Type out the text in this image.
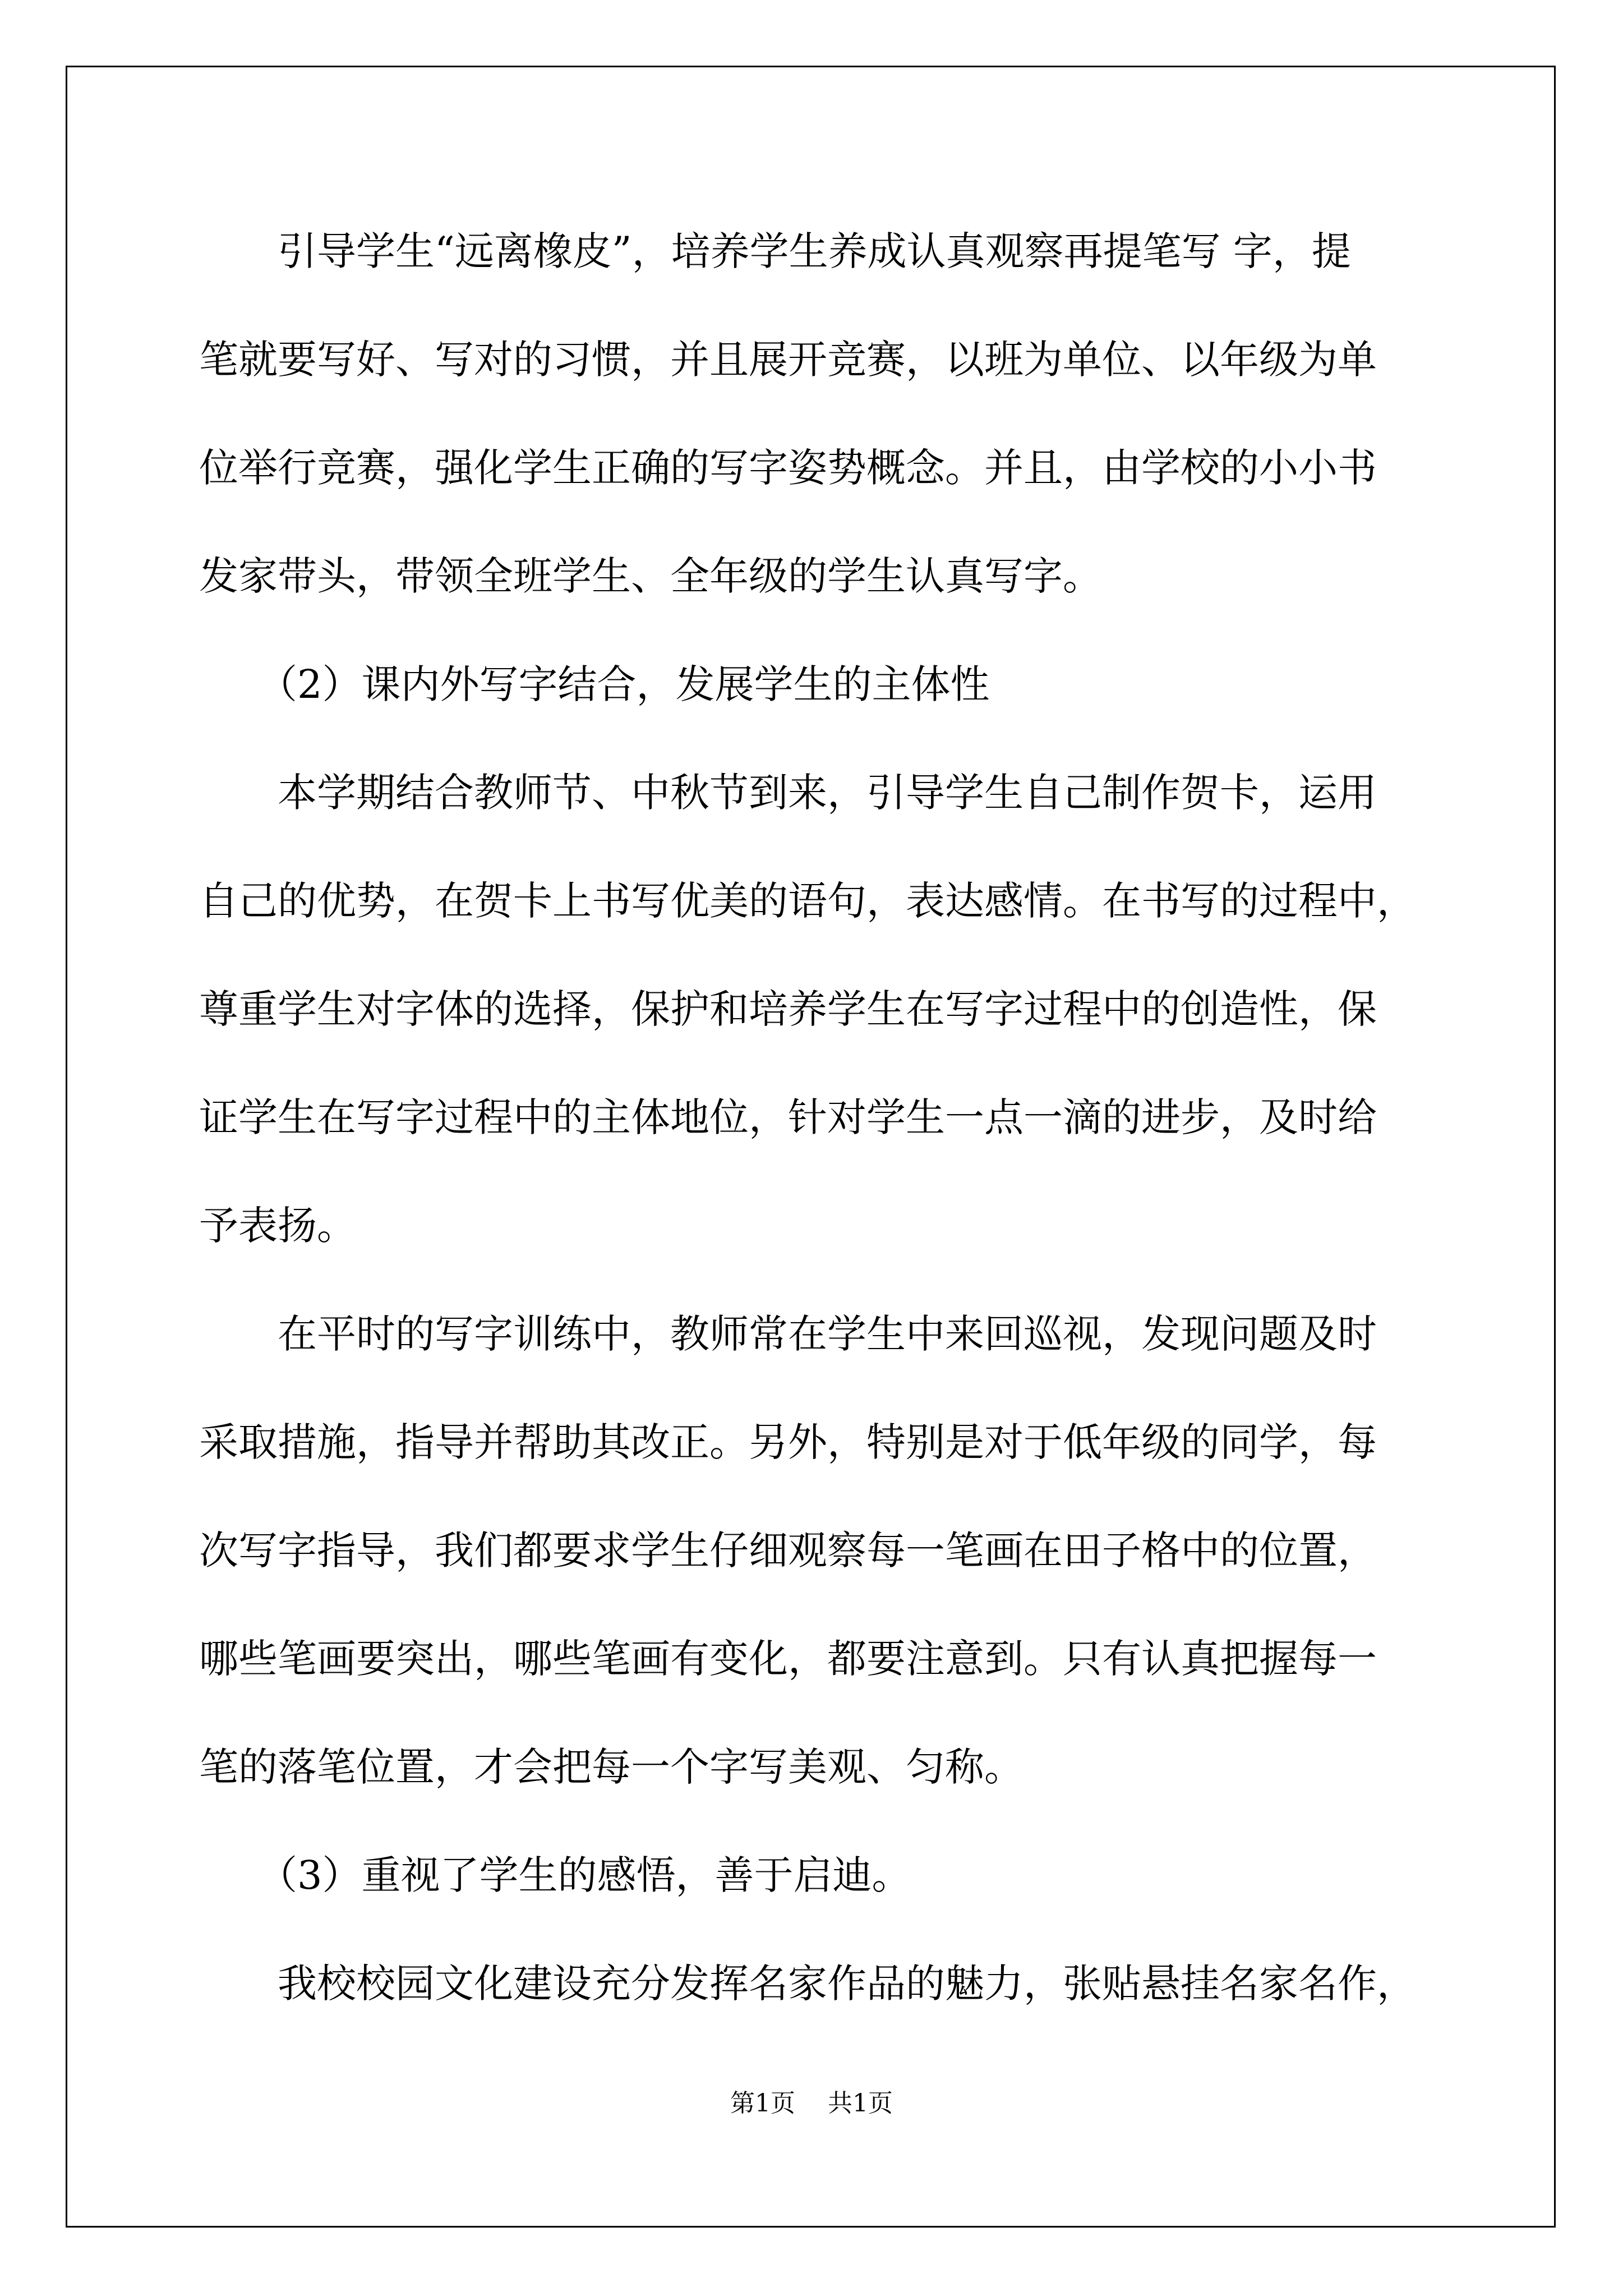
　　引导学生“远离橡皮”，培养学生养成认真观察再提笔写 字，提
笔就要写好、写对的习惯，并且展开竞赛，以班为单位、以年级为单
位举行竞赛，强化学生正确的写字姿势概念。并且，由学校的小小书
发家带头，带领全班学生、全年级的学生认真写字。
　　（2）课内外写字结合，发展学生的主体性
　　本学期结合教师节、中秋节到来，引导学生自己制作贺卡，运用
自己的优势，在贺卡上书写优美的语句，表达感情。在书写的过程中，
尊重学生对字体的选择，保护和培养学生在写字过程中的创造性，保
证学生在写字过程中的主体地位，针对学生一点一滴的进步，及时给
予表扬。
　　在平时的写字训练中，教师常在学生中来回巡视，发现问题及时
采取措施，指导并帮助其改正。另外，特别是对于低年级的同学，每
次写字指导，我们都要求学生仔细观察每一笔画在田子格中的位置，
哪些笔画要突出，哪些笔画有变化，都要注意到。只有认真把握每一
笔的落笔位置，才会把每一个字写美观、匀称。
　　（3）重视了学生的感悟，善于启迪。
　　我校校园文化建设充分发挥名家作品的魅力，张贴悬挂名家名作，
第1页 共1页
